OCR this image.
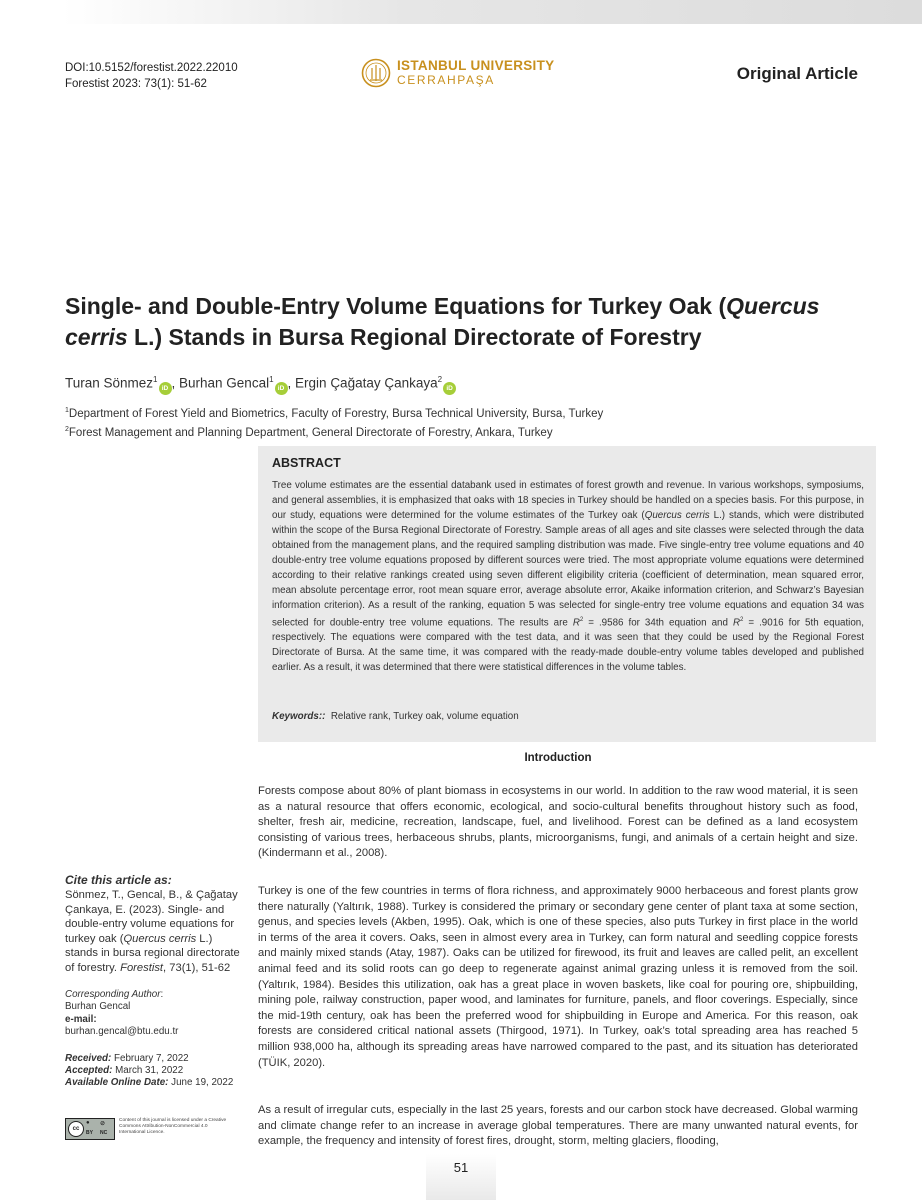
DOI:10.5152/forestist.2022.22010
Forestist 2023: 73(1): 51-62
ISTANBUL UNIVERSITY
CERRAHPAŞA	Original Article
Single- and Double-Entry Volume Equations for Turkey Oak (Quercus cerris L.) Stands in Bursa Regional Directorate of Forestry
Turan Sönmez$^1$iD , Burhan Gencal$^1$iD , Ergin Çağatay Çankaya$^2$iD
$^1$Department of Forest Yield and Biometrics, Faculty of Forestry, Bursa Technical University, Bursa, Turkey
$^2$Forest Management and Planning Department, General Directorate of Forestry, Ankara, Turkey
ABSTRACT

Tree volume estimates are the essential databank used in estimates of forest growth and revenue. In various workshops, symposiums, and general assemblies, it is emphasized that oaks with 18 species in Turkey should be handled on a species basis. For this purpose, in our study, equations were determined for the volume estimates of the Turkey oak (Quercus cerris L.) stands, which were distributed within the scope of the Bursa Regional Directorate of Forestry. Sample areas of all ages and site classes were selected through the data obtained from the management plans, and the required sampling distribution was made. Five single-entry tree volume equations and 40 double-entry tree volume equations proposed by different sources were tried. The most appropriate volume equations were determined according to their relative rankings created using seven different eligibility criteria (coefficient of determination, mean squared error, mean absolute percentage error, root mean square error, average absolute error, Akaike information criterion, and Schwarz’s Bayesian information criterion). As a result of the ranking, equation 5 was selected for single-entry tree volume equations and equation 34 was selected for double-entry tree volume equations. The results are $R^2 = .9586$ for 34th equation and $R^2 = .9016$ for 5th equation, respectively. The equations were compared with the test data, and it was seen that they could be used by the Regional Forest Directorate of Bursa. At the same time, it was compared with the ready-made double-entry volume tables developed and published earlier. As a result, it was determined that there were statistical differences in the volume tables.

Keywords:: Relative rank, Turkey oak, volume equation
Introduction

Forests compose about 80% of plant biomass in ecosystems in our world. In addition to the raw wood material, it is seen as a natural resource that offers economic, ecological, and socio-cultural benefits throughout history such as food, shelter, fresh air, medicine, recreation, landscape, fuel, and livelihood. Forest can be defined as a land ecosystem consisting of various trees, herbaceous shrubs, plants, microorganisms, fungi, and animals of a certain height and size. (Kindermann et al., 2008).

Turkey is one of the few countries in terms of flora richness, and approximately 9000 herbaceous and forest plants grow there naturally (Yaltırık, 1988). Turkey is considered the primary or secondary gene center of plant taxa at some section, genus, and species levels (Akben, 1995). Oak, which is one of these species, also puts Turkey in first place in the world in terms of the area it covers. Oaks, seen in almost every area in Turkey, can form natural and seedling coppice forests and mainly mixed stands (Atay, 1987). Oaks can be utilized for firewood, its fruit and leaves are called pelit, an excellent animal feed and its solid roots can go deep to regenerate against animal grazing unless it is removed from the soil. (Yaltırık, 1984). Besides this utilization, oak has a great place in woven baskets, like coal for pouring ore, shipbuilding, mining pole, railway construction, paper wood, and laminates for furniture, panels, and floor coverings. Especially, since the mid-19th century, oak has been the preferred wood for shipbuilding in Europe and America. For this reason, oak forests are considered critical national assets (Thirgood, 1971). In Turkey, oak’s total spreading area has reached 5 million 938,000 ha, although its spreading areas have narrowed compared to the past, and its situation has deteriorated (TÜIK, 2020).

As a result of irregular cuts, especially in the last 25 years, forests and our carbon stock have decreased. Global warming and climate change refer to an increase in average global temperatures. There are many unwanted natural events, for example, the frequency and intensity of forest fires, drought, storm, melting glaciers, flooding,

Cite this article as:
Sönmez, T., Gencal, B., & Çağatay Çankaya, E. (2023). Single- and double-entry volume equations for turkey oak (Quercus cerris L.) stands in bursa regional directorate of forestry. Forestist, 73(1), 51-62
Corresponding Author:
Burhan Gencal
e-mail:
burhan.gencal@btu.edu.tr
Received: February 7, 2022
Accepted: March 31, 2022
Available Online Date: June 19, 2022
cc
● ⊘
BY NC
Content of this journal is licensed under a Creative Commons Attribution-NonCommercial 4.0 International Licence.
51
